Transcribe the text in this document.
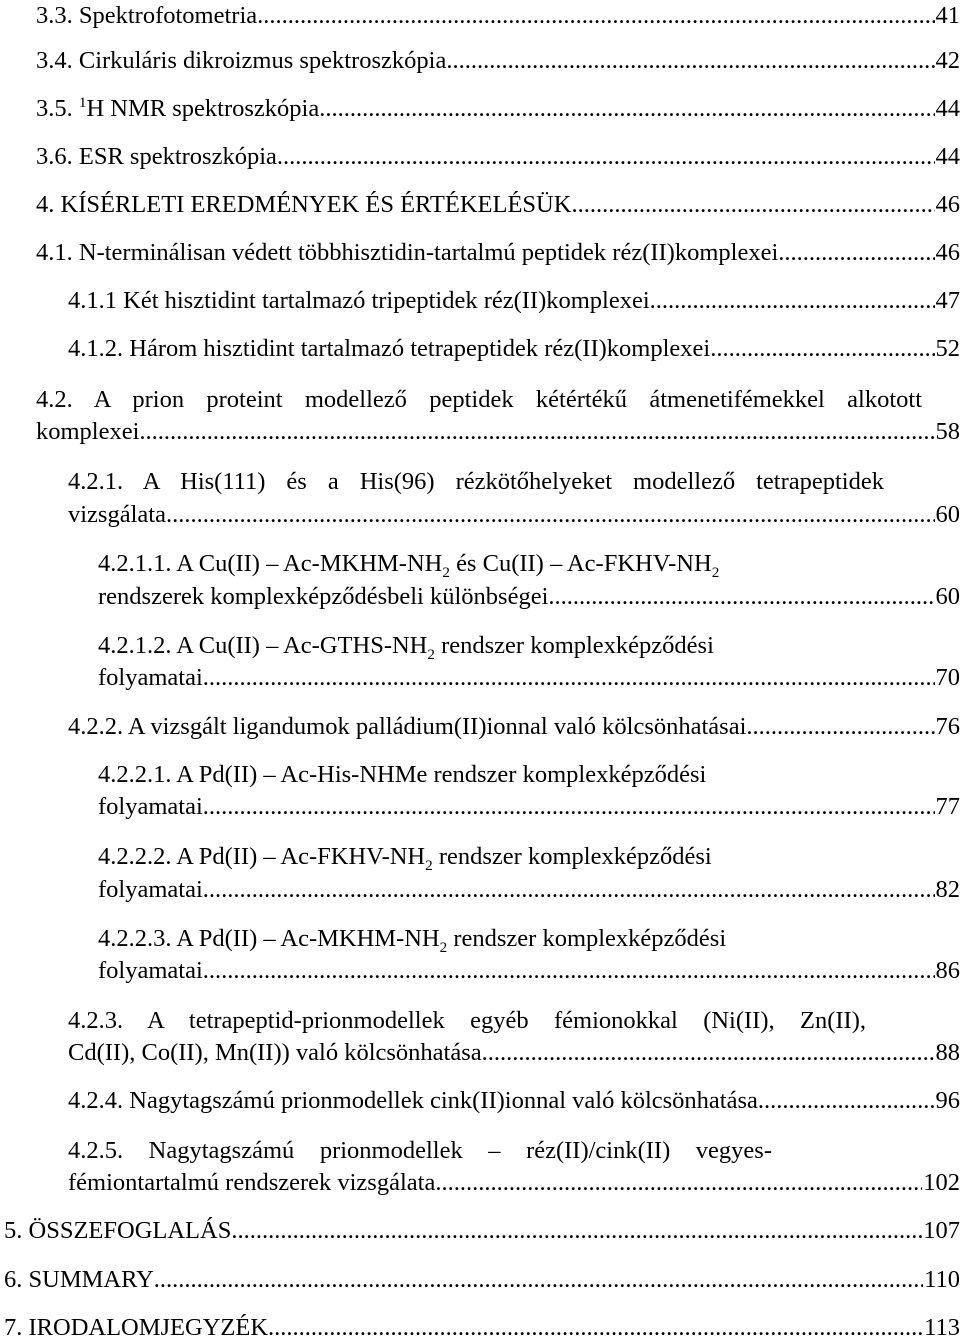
3.3. Spektrofotometria .....	41
3.4. Cirkuláris dikroizmus spektroszkópia .....	42
3.5. $^1$H NMR spektroszkópia .....	44
3.6. ESR spektroszkópia .....	44
4. KÍSÉRLETI EREDMÉNYEK ÉS ÉRTÉKELÉSÜK .....	46
4.1. N-terminálisan védett többhisztidin-tartalmú peptidek réz(II)komplexei .....	46
4.1.1 Két hisztidint tartalmazó tripeptidek réz(II)komplexei .....	47
4.1.2. Három hisztidint tartalmazó tetrapeptidek réz(II)komplexei .....	52
4.2. A prion proteint modellező peptidek kétértékű átmenetifémekkel alkotott
komplexei .....	58
4.2.1. A His(111) és a His(96) rézkötőhelyeket modellező tetrapeptidek
vizsgálata .....	60
4.2.1.1. A Cu(II) ‒ $Ac-MKHM-NH_2$ és Cu(II) ‒ $Ac-FKHV-NH_2$
rendszerek komplexképződésbeli különbségei .....	60
4.2.1.2. A Cu(II) ‒ $Ac-GTHS-NH_2$ rendszer komplexképződési
folyamatai .....	70
4.2.2. A vizsgált ligandumok palládium(II)ionnal való kölcsönhatásai .....	76
4.2.2.1. A Pd(II) ‒ Ac-His-NHMe rendszer komplexképződési
folyamatai .....	77
4.2.2.2. A Pd(II) ‒ $Ac-FKHV-NH_2$ rendszer komplexképződési
folyamatai .....	82
4.2.2.3. A Pd(II) ‒ $Ac-MKHM-NH_2$ rendszer komplexképződési
folyamatai .....	86
4.2.3. A tetrapeptid-prionmodellek egyéb fémionokkal (Ni(II), Zn(II),
Cd(II), Co(II), Mn(II)) való kölcsönhatása .....	88
4.2.4. Nagytagszámú prionmodellek cink(II)ionnal való kölcsönhatása. .....	96
4.2.5. Nagytagszámú prionmodellek ‒ réz(II)/cink(II) vegyes-
fémiontartalmú rendszerek vizsgálata. .....	102
5. ÖSSZEFOGLALÁS .....	107
6. SUMMARY .....	110
7. IRODALOMJEGYZÉK .....	113
